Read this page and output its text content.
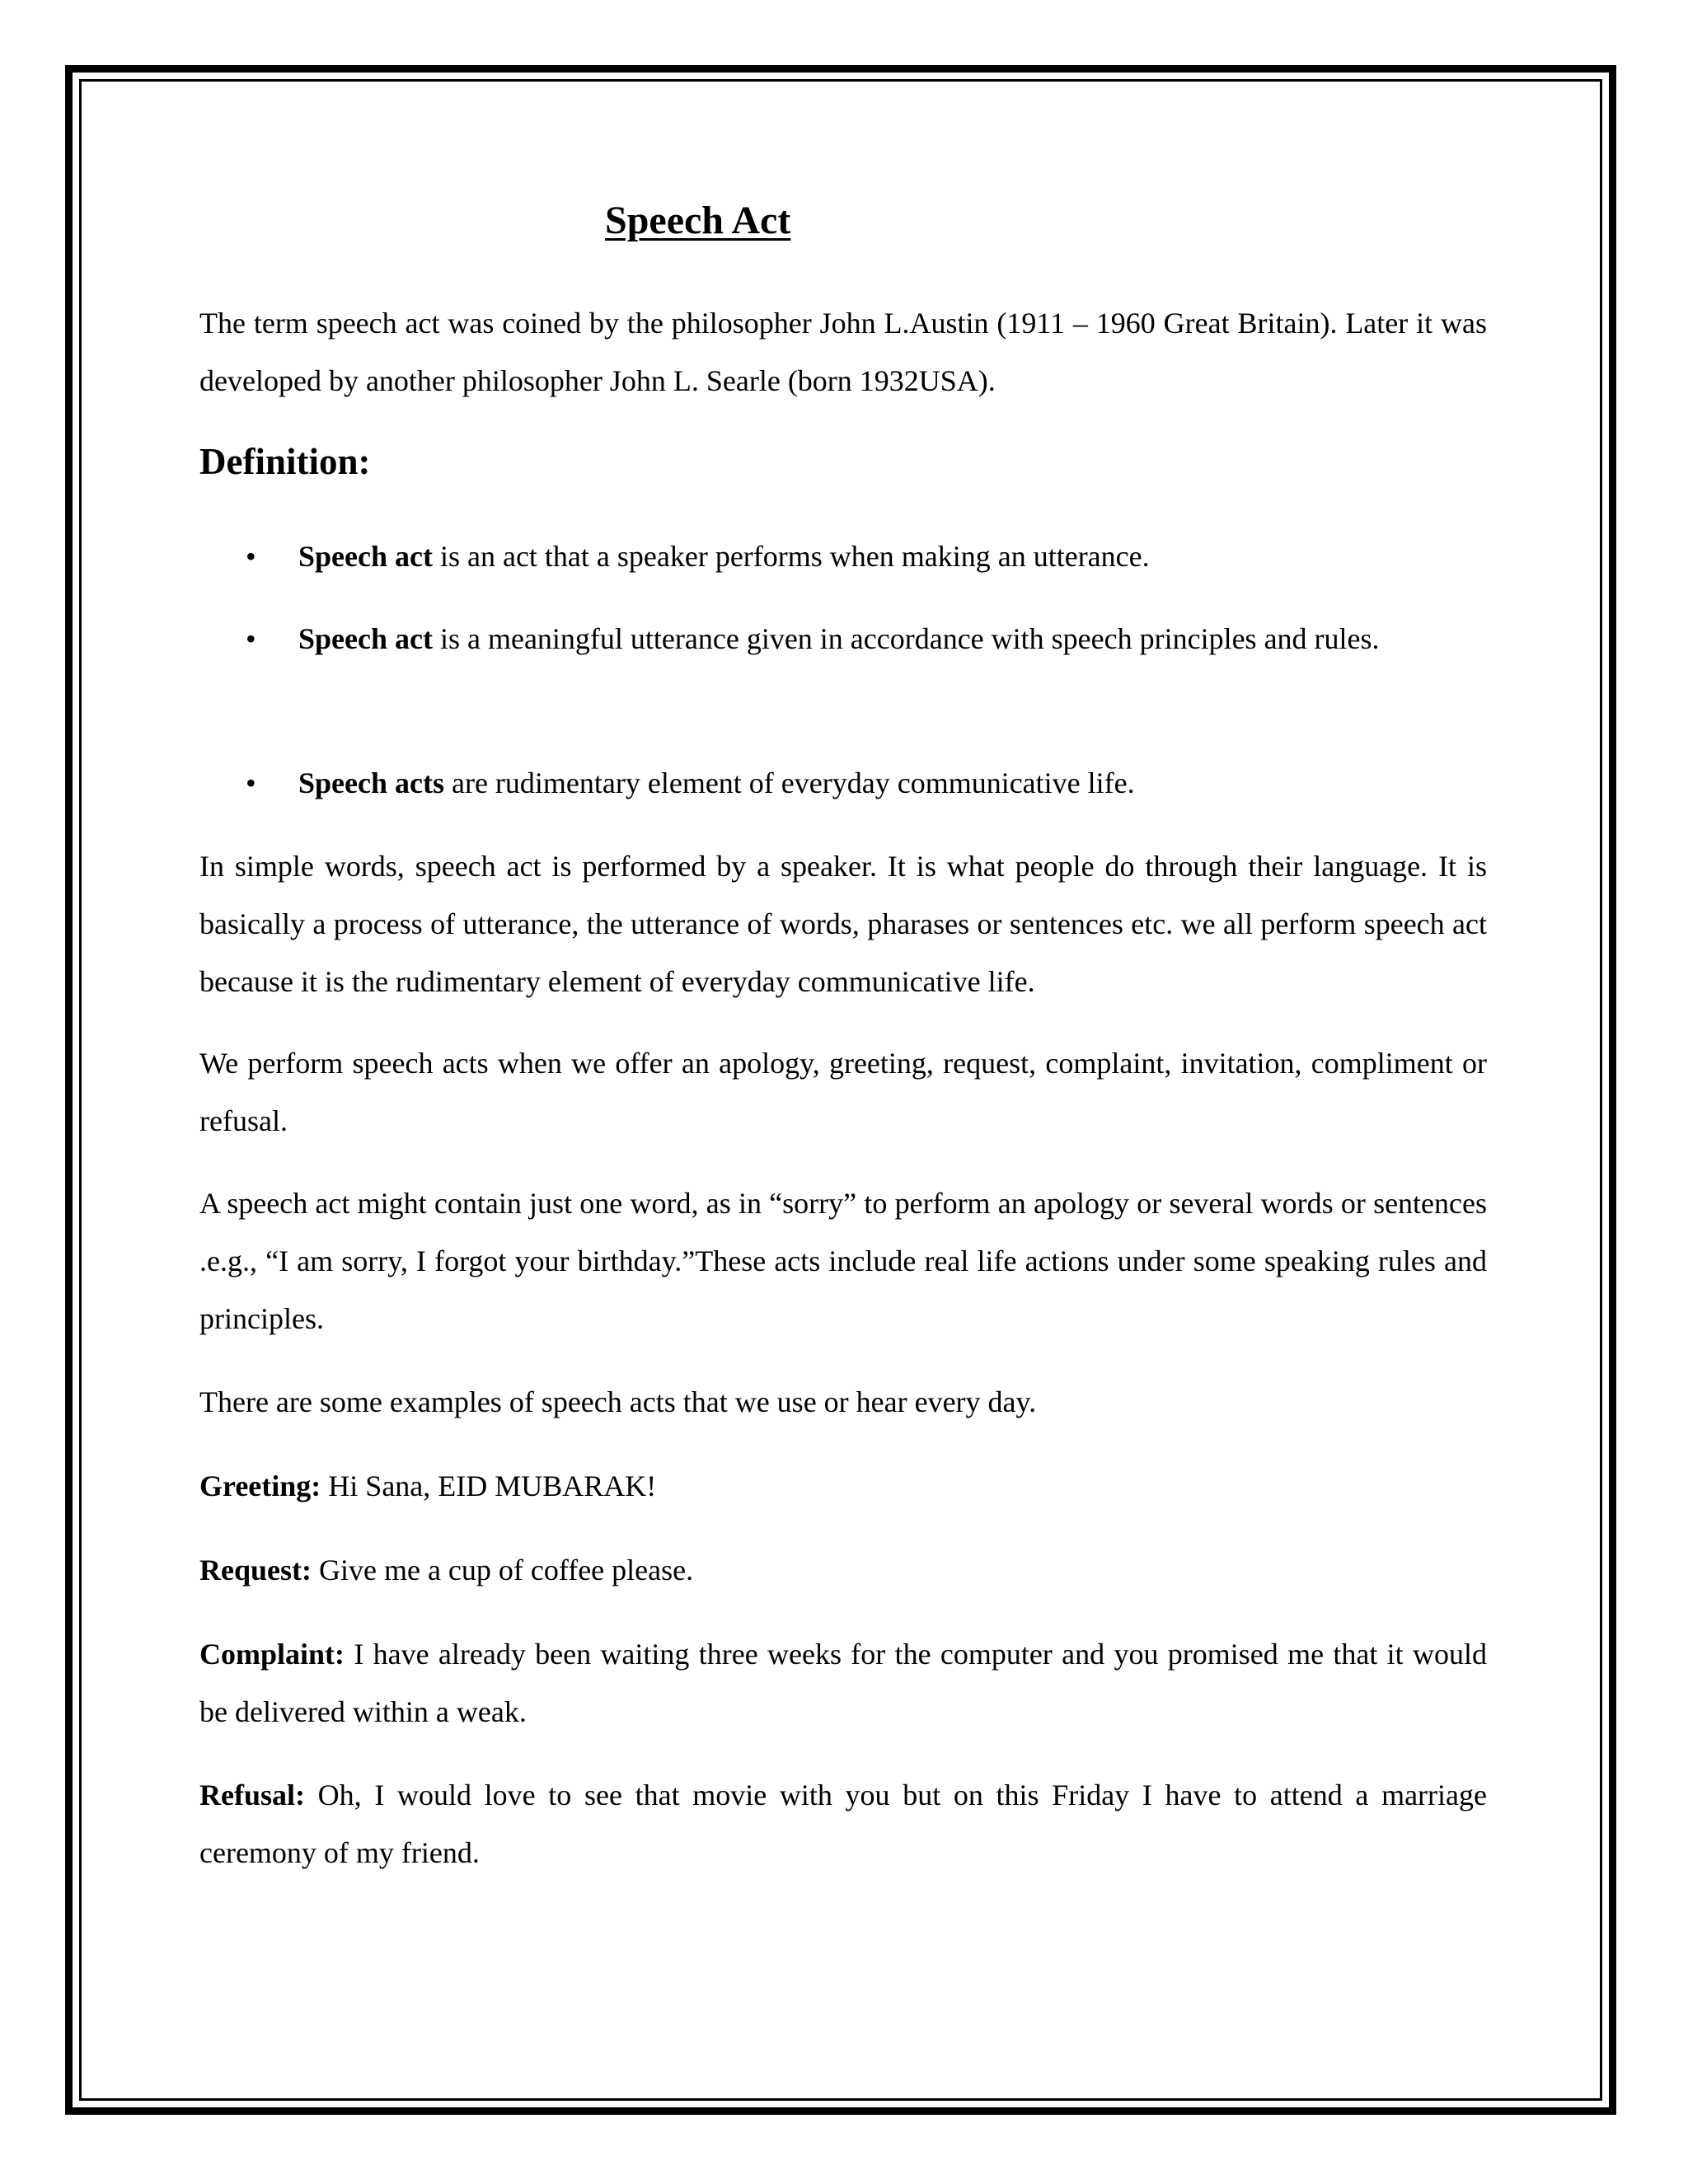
Speech Act

The term speech act was coined by the philosopher John L.Austin (1911 – 1960 Great Britain). Later it was developed by another philosopher John L. Searle (born 1932USA).

Definition:
• Speech act is an act that a speaker performs when making an utterance.

• Speech act is a meaningful utterance given in accordance with speech principles and rules.

• Speech acts are rudimentary element of everyday communicative life.

In simple words, speech act is performed by a speaker. It is what people do through their language. It is basically a process of utterance, the utterance of words, pharases or sentences etc. we all perform speech act because it is the rudimentary element of everyday communicative life.

We perform speech acts when we offer an apology, greeting, request, complaint, invitation, compliment or refusal.

A speech act might contain just one word, as in “sorry” to perform an apology or several words or sentences .e.g., “I am sorry, I forgot your birthday.”These acts include real life actions under some speaking rules and principles.

There are some examples of speech acts that we use or hear every day.

Greeting: Hi Sana, EID MUBARAK!

Request: Give me a cup of coffee please.

Complaint: I have already been waiting three weeks for the computer and you promised me that it would be delivered within a weak.

Refusal: Oh, I would love to see that movie with you but on this Friday I have to attend a marriage ceremony of my friend.
